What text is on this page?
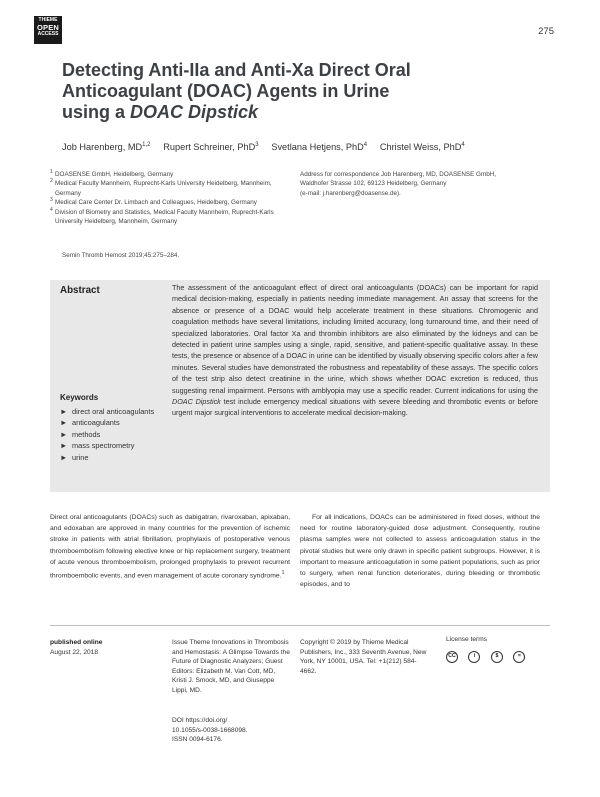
THIEME
OPEN
ACCESS	275
Detecting Anti-IIa and Anti-Xa Direct Oral
Anticoagulant (DOAC) Agents in Urine
using a DOAC Dipstick
Job Harenberg, MD$^{1,2}$ Rupert Schreiner, PhD$^3$ Svetlana Hetjens, PhD$^4$ Christel Weiss, PhD$^4$
1 DOASENSE GmbH, Heidelberg, Germany
2 Medical Faculty Mannheim, Ruprecht-Karls University Heidelberg, Mannheim, Germany
3 Medical Care Center Dr. Limbach and Colleagues, Heidelberg, Germany
4 Division of Biometry and Statistics, Medical Faculty Mannheim, Ruprecht-Karls University Heidelberg, Mannheim, Germany
Address for correspondence Job Harenberg, MD, DOASENSE GmbH,
Waldhofer Strasse 102, 69123 Heidelberg, Germany
(e-mail: j.harenberg@doasense.de).
Semin Thromb Hemost 2019;45:275–284.
Abstract	The assessment of the anticoagulant effect of direct oral anticoagulants (DOACs) can be important for rapid medical decision-making, especially in patients needing immediate management. An assay that screens for the absence or presence of a DOAC would help accelerate treatment in these situations. Chromogenic and coagulation methods have several limitations, including limited accuracy, long turnaround time, and their need of specialized laboratories. Oral factor Xa and thrombin inhibitors are also eliminated by the kidneys and can be detected in patient urine samples using a single, rapid, sensitive, and patient-specific qualitative assay. In these tests, the presence or absence of a DOAC in urine can be identified by visually observing specific colors after a few minutes. Several studies have demonstrated the robustness and repeatability of these assays. The specific colors of the test strip also detect creatinine in the urine, which shows whether DOAC excretion is reduced, thus suggesting renal impairment. Persons with amblyopia may use a specific reader. Current indications for using the DOAC Dipstick test include emergency medical situations with severe bleeding and thrombotic events or before urgent major surgical interventions to accelerate medical decision-making.
Keywords
► direct oral anticoagulants
► anticoagulants
► methods
► mass spectrometry
► urine
Direct oral anticoagulants (DOACs) such as dabigatran, rivaroxaban, apixaban, and edoxaban are approved in many countries for the prevention of ischemic stroke in patients with atrial fibrillation, prophylaxis of postoperative venous thromboembolism following elective knee or hip replacement surgery, treatment of acute venous thromboembolism, prolonged prophylaxis to prevent recurrent thromboembolic events, and even management of acute coronary syndrome.$^1$
For all indications, DOACs can be administered in fixed doses, without the need for routine laboratory-guided dose adjustment. Consequently, routine plasma samples were not collected to assess anticoagulation status in the pivotal studies but were only drawn in specific patient subgroups. However, it is important to measure anticoagulation in some patient populations, such as prior to surgery, when renal function deteriorates, during bleeding or thrombotic episodes, and to
published online
August 22, 2018
Issue Theme Innovations in Thrombosis and Hemostasis: A Glimpse Towards the Future of Diagnostic Analyzers; Guest Editors: Elizabeth M. Van Cott, MD, Kristi J. Smock, MD, and Giuseppe Lippi, MD.
DOI https://doi.org/
10.1055/s-0038-1668098.
ISSN 0094-6176.
Copyright © 2019 by Thieme Medical Publishers, Inc., 333 Seventh Avenue, New York, NY 10001, USA. Tel: +1(212) 584-4662.
License terms
CC
	i
	$
	=
